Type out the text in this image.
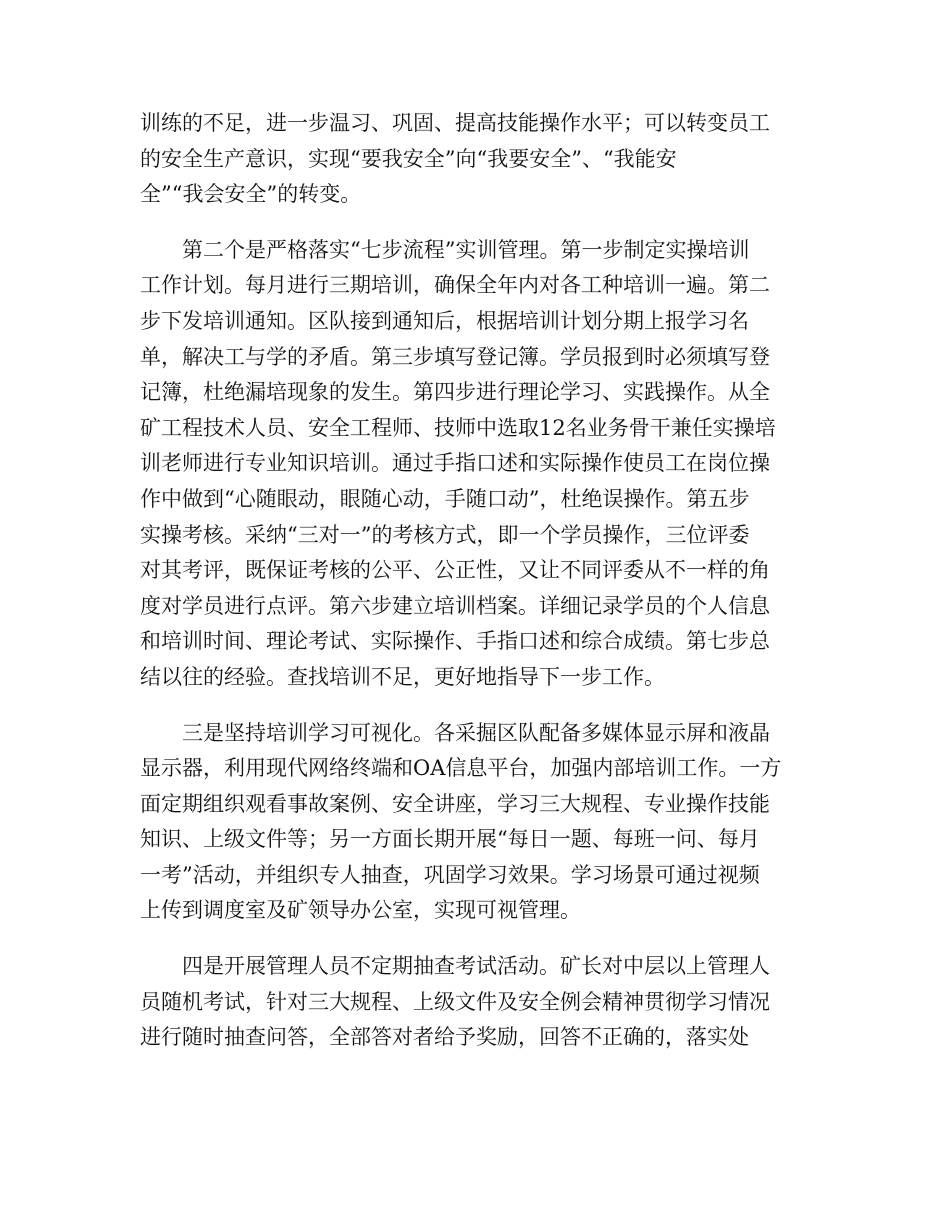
训练的不足，进一步温习、巩固、提高技能操作水平；可以转变员工
的安全生产意识，实现“要我安全”向“我要安全”、“我能安
全”“我会安全”的转变。
　　第二个是严格落实“七步流程”实训管理。第一步制定实操培训
工作计划。每月进行三期培训，确保全年内对各工种培训一遍。第二
步下发培训通知。区队接到通知后，根据培训计划分期上报学习名
单，解决工与学的矛盾。第三步填写登记簿。学员报到时必须填写登
记簿，杜绝漏培现象的发生。第四步进行理论学习、实践操作。从全
矿工程技术人员、安全工程师、技师中选取12名业务骨干兼任实操培
训老师进行专业知识培训。通过手指口述和实际操作使员工在岗位操
作中做到“心随眼动，眼随心动，手随口动”，杜绝误操作。第五步
实操考核。采纳“三对一”的考核方式，即一个学员操作，三位评委
对其考评，既保证考核的公平、公正性，又让不同评委从不一样的角
度对学员进行点评。第六步建立培训档案。详细记录学员的个人信息
和培训时间、理论考试、实际操作、手指口述和综合成绩。第七步总
结以往的经验。查找培训不足，更好地指导下一步工作。
　　三是坚持培训学习可视化。各采掘区队配备多媒体显示屏和液晶
显示器，利用现代网络终端和OA信息平台，加强内部培训工作。一方
面定期组织观看事故案例、安全讲座，学习三大规程、专业操作技能
知识、上级文件等；另一方面长期开展“每日一题、每班一问、每月
一考”活动，并组织专人抽查，巩固学习效果。学习场景可通过视频
上传到调度室及矿领导办公室，实现可视管理。
　　四是开展管理人员不定期抽查考试活动。矿长对中层以上管理人
员随机考试，针对三大规程、上级文件及安全例会精神贯彻学习情况
进行随时抽查问答，全部答对者给予奖励，回答不正确的，落实处
